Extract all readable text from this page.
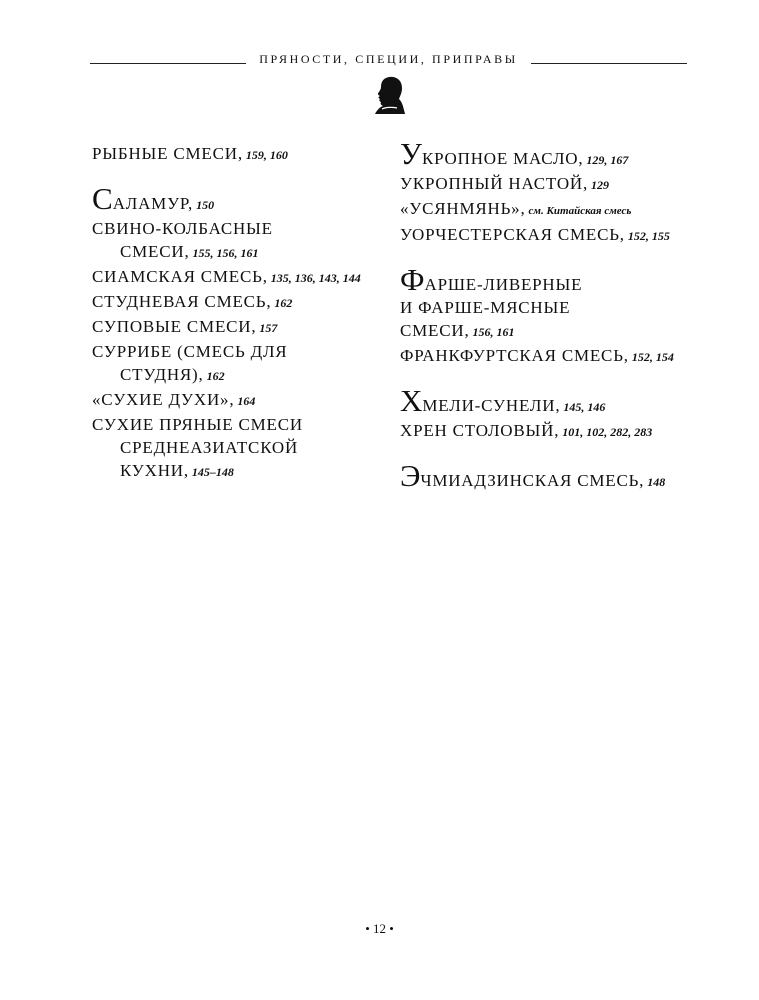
ПРЯНОСТИ, СПЕЦИИ, ПРИПРАВЫ
РЫБНЫЕ СМЕСИ, 159, 160
САЛАМУР, 150
СВИНО-КОЛБАСНЫЕ
СМЕСИ, 155, 156, 161
СИАМСКАЯ СМЕСЬ, 135, 136, 143, 144
СТУДНЕВАЯ СМЕСЬ, 162
СУПОВЫЕ СМЕСИ, 157
СУРРИБЕ (СМЕСЬ ДЛЯ
СТУДНЯ), 162
«СУХИЕ ДУХИ», 164
СУХИЕ ПРЯНЫЕ СМЕСИ
СРЕДНЕАЗИАТСКОЙ
КУХНИ, 145–148
УКРОПНОЕ МАСЛО, 129, 167
УКРОПНЫЙ НАСТОЙ, 129
«УСЯНМЯНЬ», см. Китайская смесь
УОРЧЕСТЕРСКАЯ СМЕСЬ, 152, 155
ФАРШЕ-ЛИВЕРНЫЕ
И ФАРШЕ-МЯСНЫЕ
СМЕСИ, 156, 161
ФРАНКФУРТСКАЯ СМЕСЬ, 152, 154
ХМЕЛИ-СУНЕЛИ, 145, 146
ХРЕН СТОЛОВЫЙ, 101, 102, 282, 283
ЭЧМИАДЗИНСКАЯ СМЕСЬ, 148
• 12 •
